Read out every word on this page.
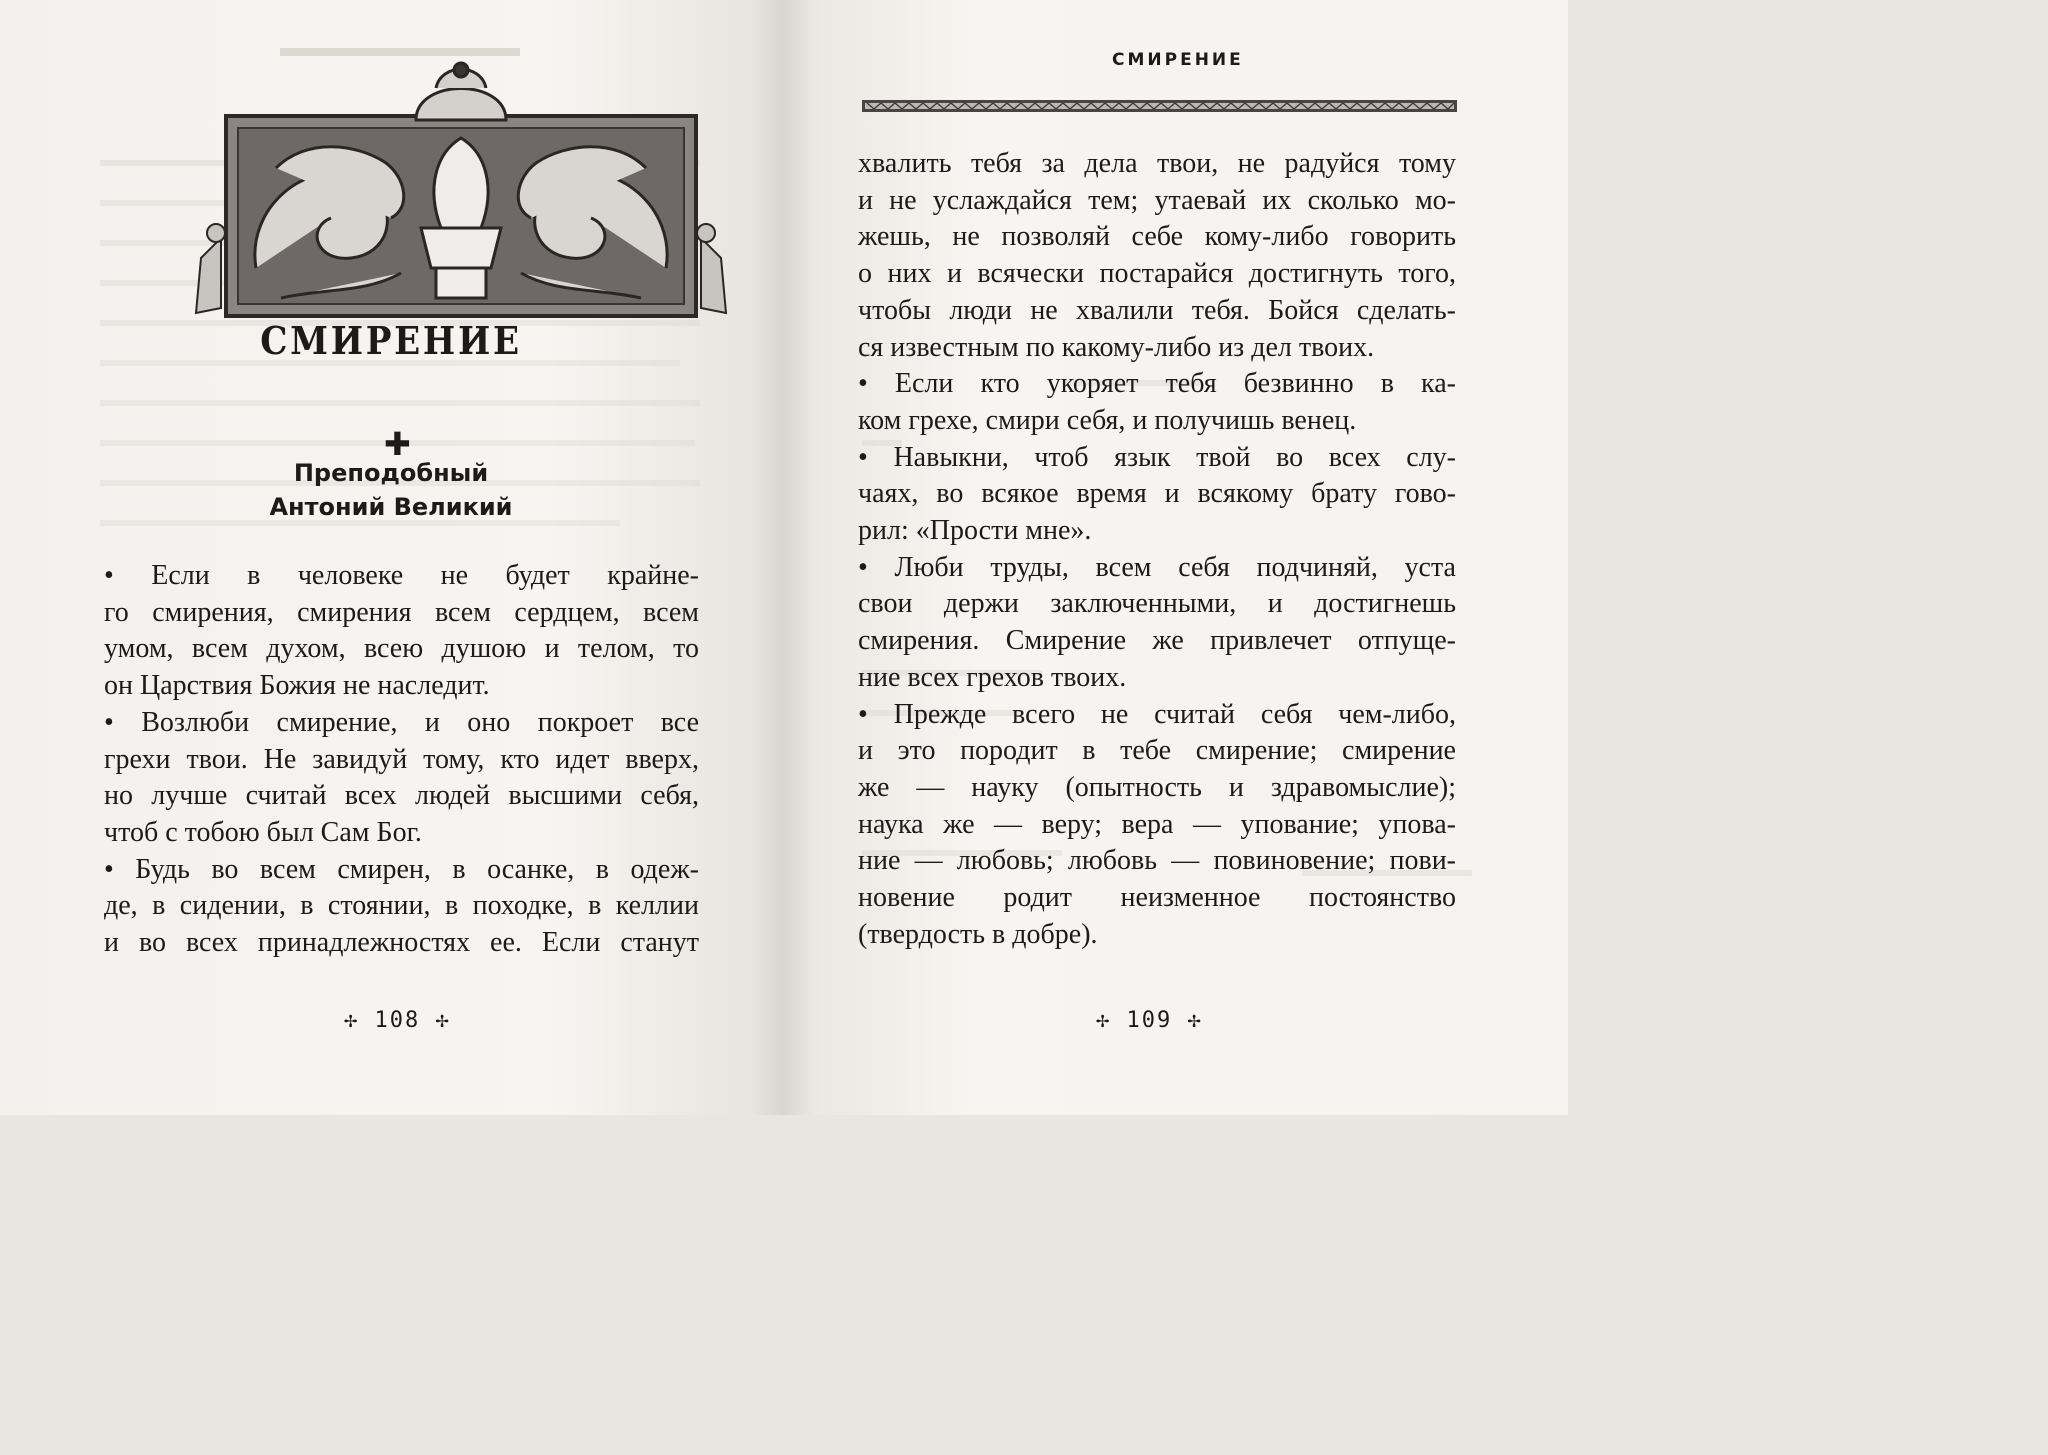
СМИРЕНИЕ
✚
Преподобный
Антоний Великий
• Если в человеке не будет крайне-
го смирения, смирения всем сердцем, всем
умом, всем духом, всею душою и телом, то
он Царствия Божия не наследит.
• Возлюби смирение, и оно покроет все
грехи твои. Не завидуй тому, кто идет вверх,
но лучше считай всех людей высшими себя,
чтоб с тобою был Сам Бог.
• Будь во всем смирен, в осанке, в одеж-
де, в сидении, в стоянии, в походке, в келлии
и во всех принадлежностях ее. Если станут
✢ 108 ✢
СМИРЕНИЕ
хвалить тебя за дела твои, не радуйся тому
и не услаждайся тем; утаевай их сколько мо-
жешь, не позволяй себе кому-либо говорить
о них и всячески постарайся достигнуть того,
чтобы люди не хвалили тебя. Бойся сделать-
ся известным по какому-либо из дел твоих.
• Если кто укоряет тебя безвинно в ка-
ком грехе, смири себя, и получишь венец.
• Навыкни, чтоб язык твой во всех слу-
чаях, во всякое время и всякому брату гово-
рил: «Прости мне».
• Люби труды, всем себя подчиняй, уста
свои держи заключенными, и достигнешь
смирения. Смирение же привлечет отпуще-
ние всех грехов твоих.
• Прежде всего не считай себя чем-либо,
и это породит в тебе смирение; смирение
же — науку (опытность и здравомыслие);
наука же — веру; вера — упование; упова-
ние — любовь; любовь — повиновение; пови-
новение родит неизменное постоянство
(твердость в добре).
✢ 109 ✢
